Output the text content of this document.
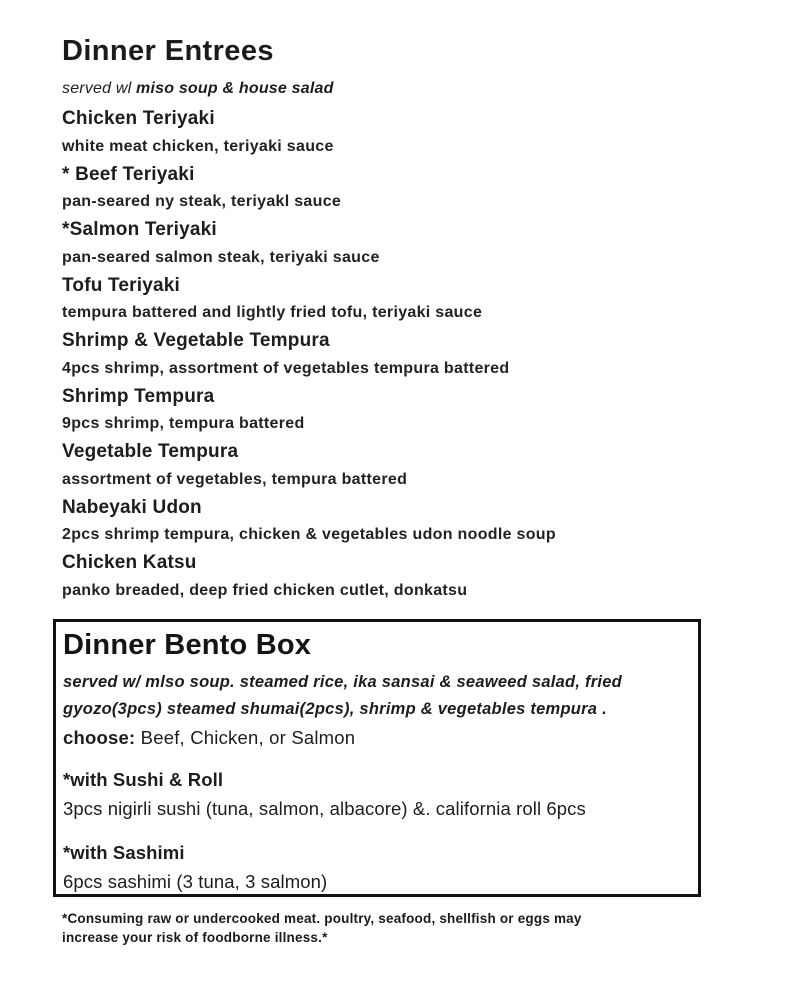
Dinner Entrees
served wl miso soup & house salad
Chicken Teriyaki
white meat chicken, teriyaki sauce
* Beef Teriyaki
pan-seared ny steak, teriyakl sauce
*Salmon Teriyaki
pan-seared salmon steak, teriyaki sauce
Tofu Teriyaki
tempura battered and lightly fried tofu, teriyaki sauce
Shrimp & Vegetable Tempura
4pcs shrimp, assortment of vegetables tempura battered
Shrimp Tempura
9pcs shrimp, tempura battered
Vegetable Tempura
assortment of vegetables, tempura battered
Nabeyaki Udon
2pcs shrimp tempura, chicken & vegetables udon noodle soup
Chicken Katsu
panko breaded, deep fried chicken cutlet, donkatsu
Dinner Bento Box
served w/ mlso soup. steamed rice, ika sansai & seaweed salad, fried
gyozo(3pcs) steamed shumai(2pcs), shrimp & vegetables tempura .
choose: Beef, Chicken, or Salmon
*with Sushi & Roll
3pcs nigirli sushi (tuna, salmon, albacore) &. california roll 6pcs
*with Sashimi
6pcs sashimi (3 tuna, 3 salmon)
*Consuming raw or undercooked meat. poultry, seafood, shellfish or eggs may
increase your risk of foodborne illness.*
